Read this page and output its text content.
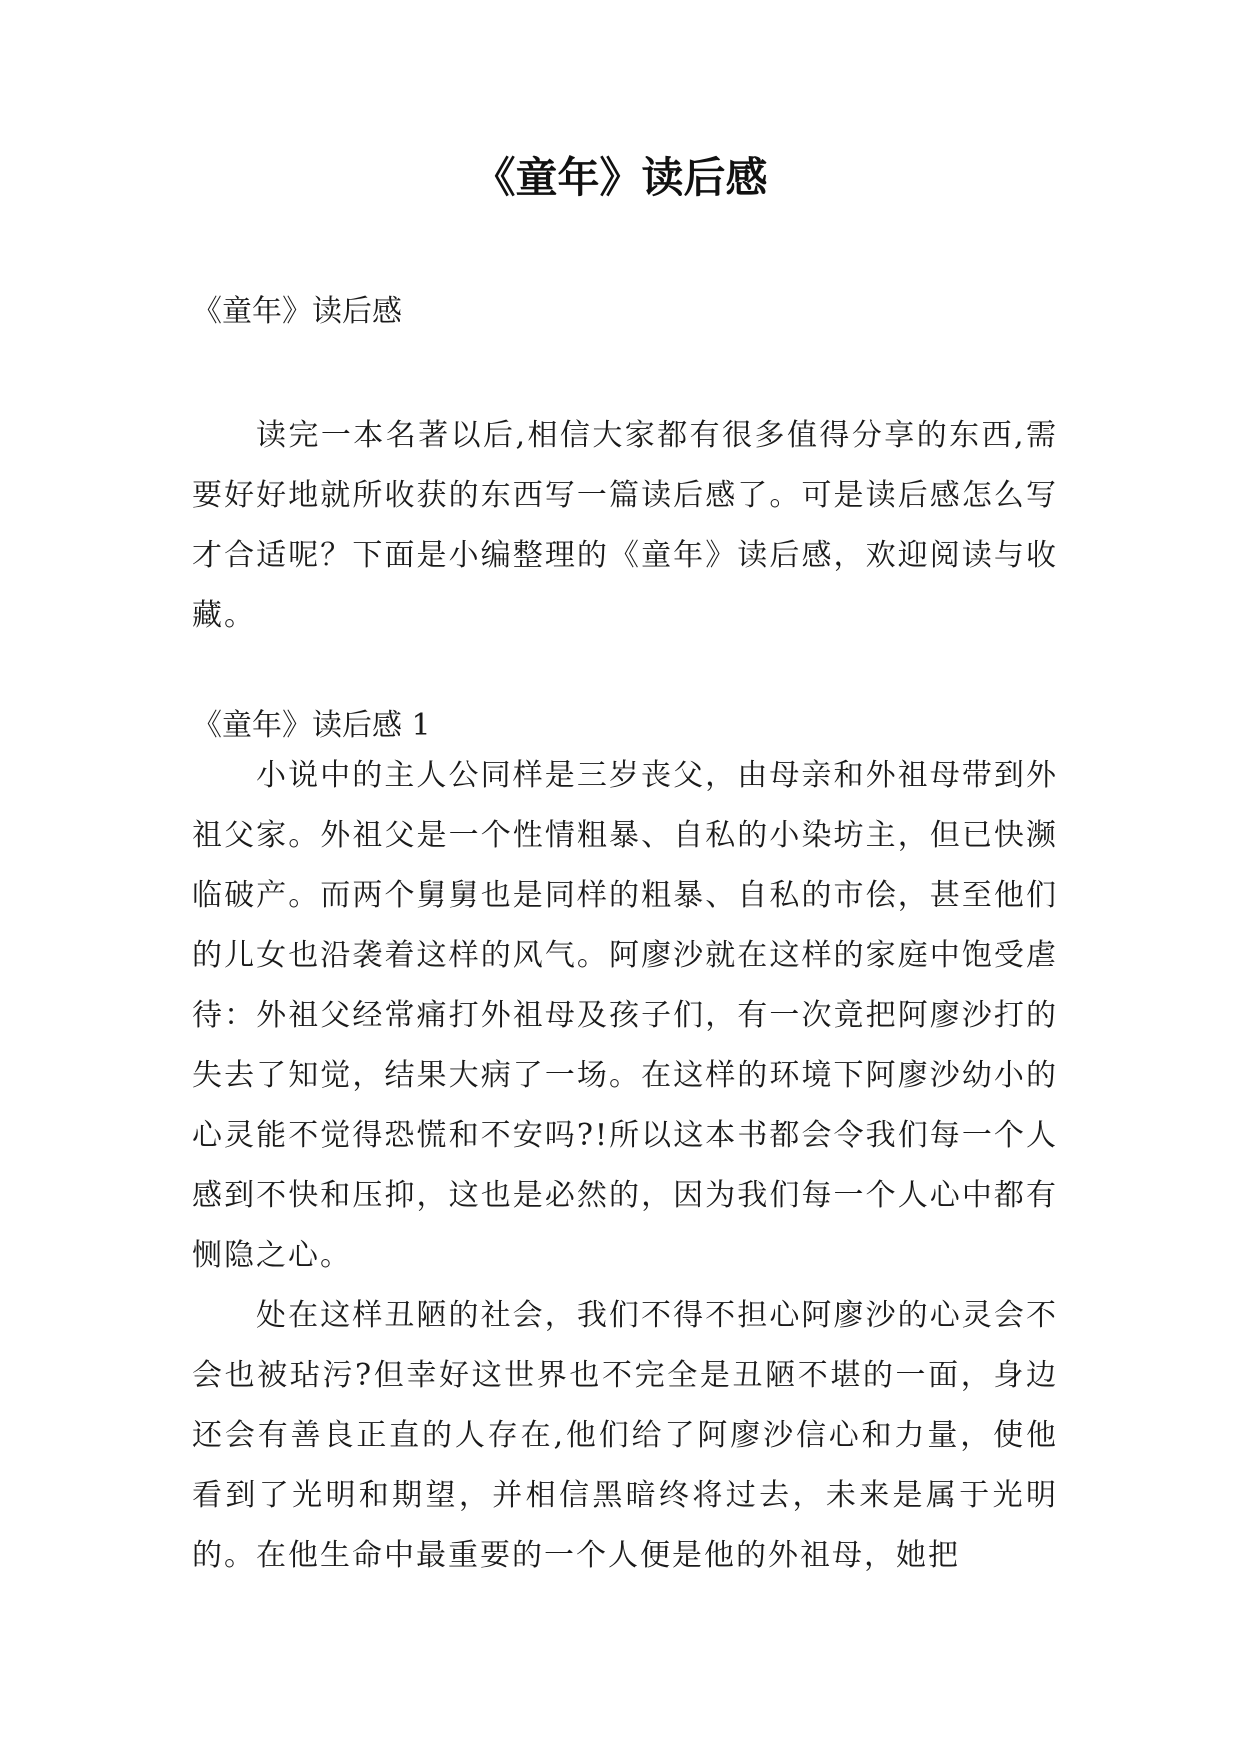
《童年》读后感

《童年》读后感

读完一本名著以后,相信大家都有很多值得分享的东西,需要好好地就所收获的东西写一篇读后感了。可是读后感怎么写才合适呢？下面是小编整理的《童年》读后感，欢迎阅读与收藏。

《童年》读后感 1

小说中的主人公同样是三岁丧父，由母亲和外祖母带到外祖父家。外祖父是一个性情粗暴、自私的小染坊主，但已快濒临破产。而两个舅舅也是同样的粗暴、自私的市侩，甚至他们的儿女也沿袭着这样的风气。阿廖沙就在这样的家庭中饱受虐待：外祖父经常痛打外祖母及孩子们，有一次竟把阿廖沙打的失去了知觉，结果大病了一场。在这样的环境下阿廖沙幼小的心灵能不觉得恐慌和不安吗?!所以这本书都会令我们每一个人感到不快和压抑，这也是必然的，因为我们每一个人心中都有恻隐之心。

处在这样丑陋的社会，我们不得不担心阿廖沙的心灵会不会也被玷污?但幸好这世界也不完全是丑陋不堪的一面，身边还会有善良正直的人存在,他们给了阿廖沙信心和力量，使他看到了光明和期望，并相信黑暗终将过去，未来是属于光明的。在他生命中最重要的一个人便是他的外祖母，她把
